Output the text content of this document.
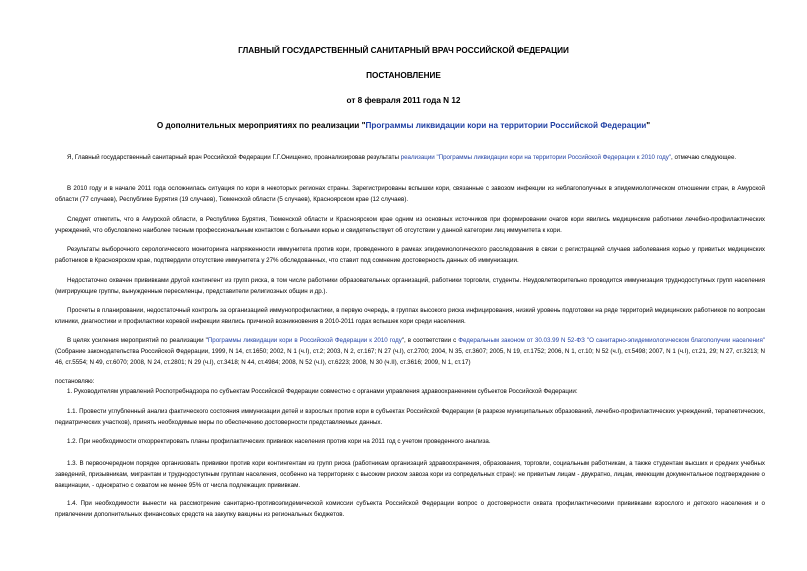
ГЛАВНЫЙ ГОСУДАРСТВЕННЫЙ САНИТАРНЫЙ ВРАЧ РОССИЙСКОЙ ФЕДЕРАЦИИ
ПОСТАНОВЛЕНИЕ
от 8 февраля 2011 года N 12
О дополнительных мероприятиях по реализации "Программы ликвидации кори на территории Российской Федерации"

Я, Главный государственный санитарный врач Российской Федерации Г.Г.Онищенко, проанализировав результаты реализации "Программы ликвидации кори на территории Российской Федерации к 2010 году", отмечаю следующее.

В 2010 году и в начале 2011 года осложнилась ситуация по кори в некоторых регионах страны. Зарегистрированы вспышки кори, связанные с завозом инфекции из неблагополучных в эпидемиологическом отношении стран, в Амурской области (77 случаев), Республике Бурятия (19 случаев), Тюменской области (5 случаев), Красноярском крае (12 случаев).

Следует отметить, что в Амурской области, в Республике Бурятия, Тюменской области и Красноярском крае одним из основных источников при формировании очагов кори явились медицинские работники лечебно-профилактических учреждений, что обусловлено наиболее тесным профессиональным контактом с больными корью и свидетельствует об отсутствии у данной категории лиц иммунитета к кори.

Результаты выборочного серологического мониторинга напряженности иммунитета против кори, проведенного в рамках эпидемиологического расследования в связи с регистрацией случаев заболевания корью у привитых медицинских работников в Красноярском крае, подтвердили отсутствие иммунитета у 27% обследованных, что ставит под сомнение достоверность данных об иммунизации.

Недостаточно охвачен прививками другой контингент из групп риска, в том числе работники образовательных организаций, работники торговли, студенты. Неудовлетворительно проводится иммунизация труднодоступных групп населения (мигрирующие группы, вынужденные переселенцы, представители религиозных общин и др.).

Просчеты в планировании, недостаточный контроль за организацией иммунопрофилактики, в первую очередь, в группах высокого риска инфицирования, низкий уровень подготовки на ряде территорий медицинских работников по вопросам клиники, диагностики и профилактики коревой инфекции явились причиной возникновения в 2010-2011 годах вспышек кори среди населения.

В целях усиления мероприятий по реализации "Программы ликвидации кори в Российской Федерации к 2010 году", в соответствии с Федеральным законом от 30.03.99 N 52-ФЗ "О санитарно-эпидемиологическом благополучии населения" (Собрание законодательства Российской Федерации, 1999, N 14, ст.1650; 2002, N 1 (ч.I), ст.2; 2003, N 2, ст.167; N 27 (ч.I), ст.2700; 2004, N 35, ст.3607; 2005, N 19, ст.1752; 2006, N 1, ст.10; N 52 (ч.I), ст.5498; 2007, N 1 (ч.I), ст.21, 29; N 27, ст.3213; N 46, ст.5554; N 49, ст.6070; 2008, N 24, ст.2801; N 29 (ч.I), ст.3418; N 44, ст.4984; 2008, N 52 (ч.I), ст.6223; 2008, N 30 (ч.II), ст.3616; 2009, N 1, ст.17)

постановляю:

1. Руководителям управлений Роспотребнадзора по субъектам Российской Федерации совместно с органами управления здравоохранением субъектов Российской Федерации:

1.1. Провести углубленный анализ фактического состояния иммунизации детей и взрослых против кори в субъектах Российской Федерации (в разрезе муниципальных образований, лечебно-профилактических учреждений, терапевтических, педиатрических участков), принять необходимые меры по обеспечению достоверности представляемых данных.

1.2. При необходимости откорректировать планы профилактических прививок населения против кори на 2011 год с учетом проведенного анализа.

1.3. В первоочередном порядке организовать прививки против кори контингентам из групп риска (работникам организаций здравоохранения, образования, торговли, социальным работникам, а также студентам высших и средних учебных заведений, призывникам, мигрантам и труднодоступным группам населения, особенно на территориях с высоким риском завоза кори из сопредельных стран): не привитым лицам - двукратно, лицам, имеющим документальное подтверждение о вакцинации, - однократно с охватом не менее 95% от числа подлежащих прививкам.

1.4. При необходимости вынести на рассмотрение санитарно-противоэпидемической комиссии субъекта Российской Федерации вопрос о достоверности охвата профилактическими прививками взрослого и детского населения и о привлечении дополнительных финансовых средств на закупку вакцины из региональных бюджетов.
